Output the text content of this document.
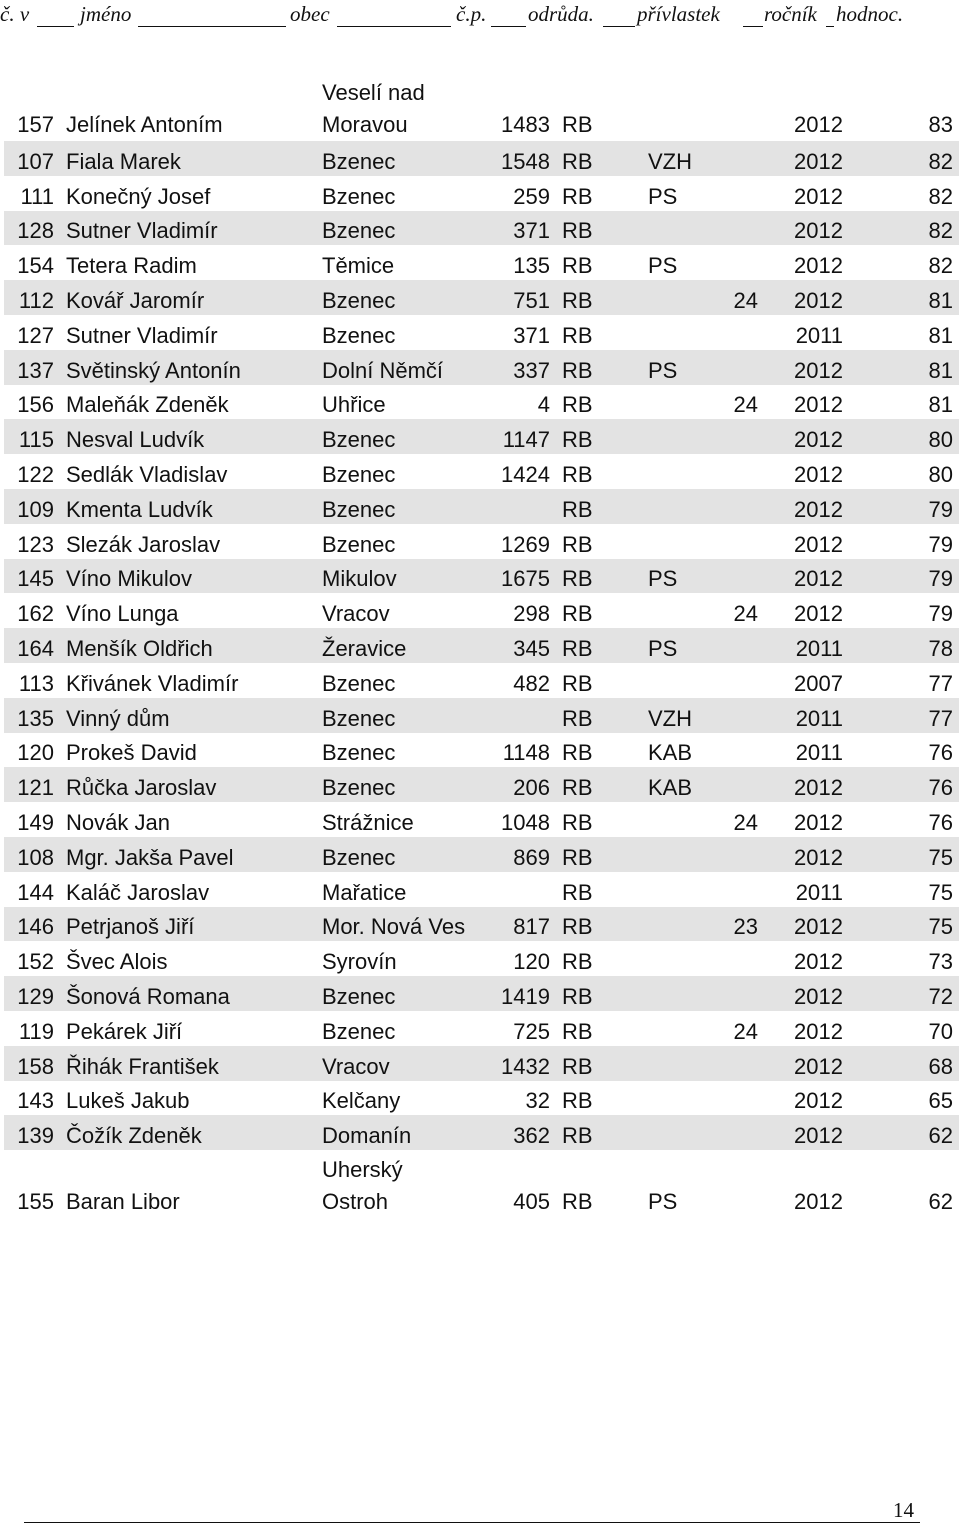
č. v jméno	obec	č.p. odrůda. přívlastek ročník hodnoc.
157	Jelínek Antoním	Veselí nad Moravou	1483	RB			2012	83
107	Fiala Marek	Bzenec	1548	RB	VZH		2012	82
111	Konečný Josef	Bzenec	259	RB	PS		2012	82
128	Sutner Vladimír	Bzenec	371	RB			2012	82
154	Tetera Radim	Těmice	135	RB	PS		2012	82
112	Kovář Jaromír	Bzenec	751	RB		24	2012	81
127	Sutner Vladimír	Bzenec	371	RB			2011	81
137	Světinský Antonín	Dolní Němčí	337	RB	PS		2012	81
156	Maleňák Zdeněk	Uhřice	4	RB		24	2012	81
115	Nesval Ludvík	Bzenec	1147	RB			2012	80
122	Sedlák Vladislav	Bzenec	1424	RB			2012	80
109	Kmenta Ludvík	Bzenec		RB			2012	79
123	Slezák Jaroslav	Bzenec	1269	RB			2012	79
145	Víno Mikulov	Mikulov	1675	RB	PS		2012	79
162	Víno Lunga	Vracov	298	RB		24	2012	79
164	Menšík Oldřich	Žeravice	345	RB	PS		2011	78
113	Křivánek Vladimír	Bzenec	482	RB			2007	77
135	Vinný dům	Bzenec		RB	VZH		2011	77
120	Prokeš David	Bzenec	1148	RB	KAB		2011	76
121	Růčka Jaroslav	Bzenec	206	RB	KAB		2012	76
149	Novák Jan	Strážnice	1048	RB		24	2012	76
108	Mgr. Jakša Pavel	Bzenec	869	RB			2012	75
144	Kaláč Jaroslav	Mařatice		RB			2011	75
146	Petrjanoš Jiří	Mor. Nová Ves	817	RB		23	2012	75
152	Švec Alois	Syrovín	120	RB			2012	73
129	Šonová Romana	Bzenec	1419	RB			2012	72
119	Pekárek Jiří	Bzenec	725	RB		24	2012	70
158	Řihák František	Vracov	1432	RB			2012	68
143	Lukeš Jakub	Kelčany	32	RB			2012	65
139	Čožík Zdeněk	Domanín	362	RB			2012	62
155	Baran Libor	Uherský Ostroh	405	RB	PS		2012	62
14
